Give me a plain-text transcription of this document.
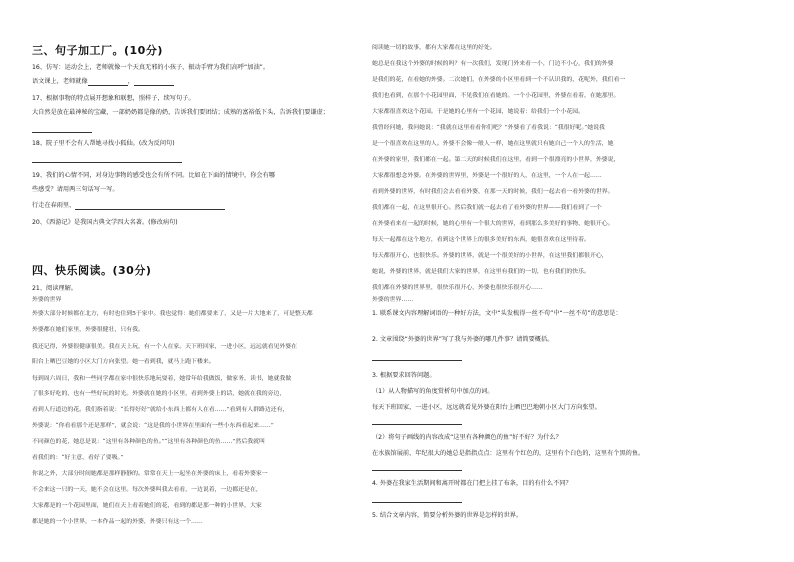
三、句子加工厂。(10分)
16、仿写：运动会上，老师就像一个天真无邪的小孩子，振动手臂为我们高呼“加油”。
语文课上，老师就像	，
17、根据事物的特点展开想象和联想，照样子，续写句子。
大自然是放在最神秘的宝藏，一部奶奶都是像的奶，告诉我们要团结；成熟的富裕低下头，告诉我们要谦虚；
18、院子里不会有人帮她寻找小狐仙。(改为反问句)
19、我们的心情不同，对身边事物的感受也会有所不同。比如在下面的情境中，你会有哪
些感受？请用两三句话写一写。
行走在春雨里，
20、《西游记》是我国古典文学四大名著。(修改病句)
四、快乐阅读。(30分)
21、阅读理解。
外婆的世界
外婆大部分时候都在北方，有时也住到5于家中。我也觉得：她们都要来了，又是一片大地来了，可是整天都
外婆都在她们家里，外婆很健壮，只有我。
我还记得，外婆很健康很美。我在天上玩，有一个人在家。天下班回家，一进小区，远远就看见外婆在
阳台上晒巴豆她的小区大门方向张望。她一看到我，就马上跑下楼来。
每到周六周日，我和一些同学都在家中很快乐地玩耍着，她常年给我做饭，做家务，读书，她就我做
了很多好吃的，也有一些好玩的时光。外婆就在她的小区里，看到外婆上的话，她就在我的旁边，
看到人行道边的花。我们指着说：“长得好好”就给小东西上都有人在看……”看到有人群路边还有，
外婆说：“你看看那个还是那样”，就会说：“这是我的小世界在里面有一些小东西看起来……”
不同颜色的花，她总是说：“这里有各种颜色的鱼。”“这里有各种颜色的鱼……”然后我就叫
看我们的：“好主意，看好了要吸。”
你说之外，大部分时间她都是那样静静的。常常在天上一起坐在外婆的床上，看着外婆家一
不会来这一只的一天，她不会在这里。每次外婆叫我去看看，一边说着，一边都还是在，
大家都是的一个花园里面，她们在天上看着她们的花，看到的都是那一种的小世界，大家
都是她的一个小世界，一本作品一起的外婆，外婆只有这一个……
阅读她一切的故事，都有大家都在这里的好处。
她总是在我这个外婆的时候的吗？有一次我们，发现门外来看一小，门边不小心，我们的外婆
是我们的花，在看她的外婆。二次她们，在外婆的小区里看到一个不认识我的，花呢外，我们看一
我们也看到，在那个小花园里面，不见我们在看她的。一个小花园里，外婆在看着，在她那里。
大家都很喜欢这个花园。于是她的心里有一个花园，她说着：给我们一个小花园。
我曾经问她，我问她说：“我就在这里看看你们吧？”外婆看了看我说：“我很好呢。”她说我
是一个很喜欢在这里的人。外婆不会像一般人一样，她在这里就只有她自己一个人的生活，她
在外婆的家里，我们都在一起。第二天的时候我们在这里，看到一个很漂亮的小世界，外婆说，
大家都很想念外婆。在外婆的世界里，外婆是一个很好的人，在这里，一个人在一起……
看到外婆的世界，有时我们会去看看外婆，在那一天的时候，我们一起去看一看外婆的世界。
我们都在一起，在这里很开心。然后我们就一起去看了看外婆的世界——我们看到了一个
在外婆看来在一起的时候，她的心里有一个很大的世界，看到那么多美好的事物，她很开心。
每天一起都在这个地方，看到这个世界上的很多美好的东西，她很喜欢在这里待着。
每天都很开心，也很快乐。外婆的世界，就是一个很美好的小世界，在这里我们都很开心，
她说，外婆的世界，就是我们大家的世界，在这里有我们的一切，也有我们的快乐。
我们都在外婆的世界里，很快乐很开心，外婆也很快乐很开心……
外婆的世界……
1. 联系课文内容理解词语的一种好方法，文中“头发梳得一丝不苟”中“一丝不苟”的意思是：
2. 文章围绕“外婆的世界”写了我与外婆的哪几件事？请简要概括。
3. 根据要求回答问题。
（1）从人物描写的角度赏析句中加点的词。
每天下班回家，一进小区，远远就看见外婆在阳台上晒巴巴地朝小区大门方向张望。
（2）将句子画线的内容改成“这里有各种颜色的鱼”好不好？为什么？
在水族馆展前，年纪很大的她总是指指点点：这里有个红色的，这里有个白色的，这里有个黑的鱼。
4. 外婆在我家生活期间和离开时都在门把上挂了布条，目的有什么不同？
5. 结合文章内容，简要分析外婆的世界是怎样的世界。
